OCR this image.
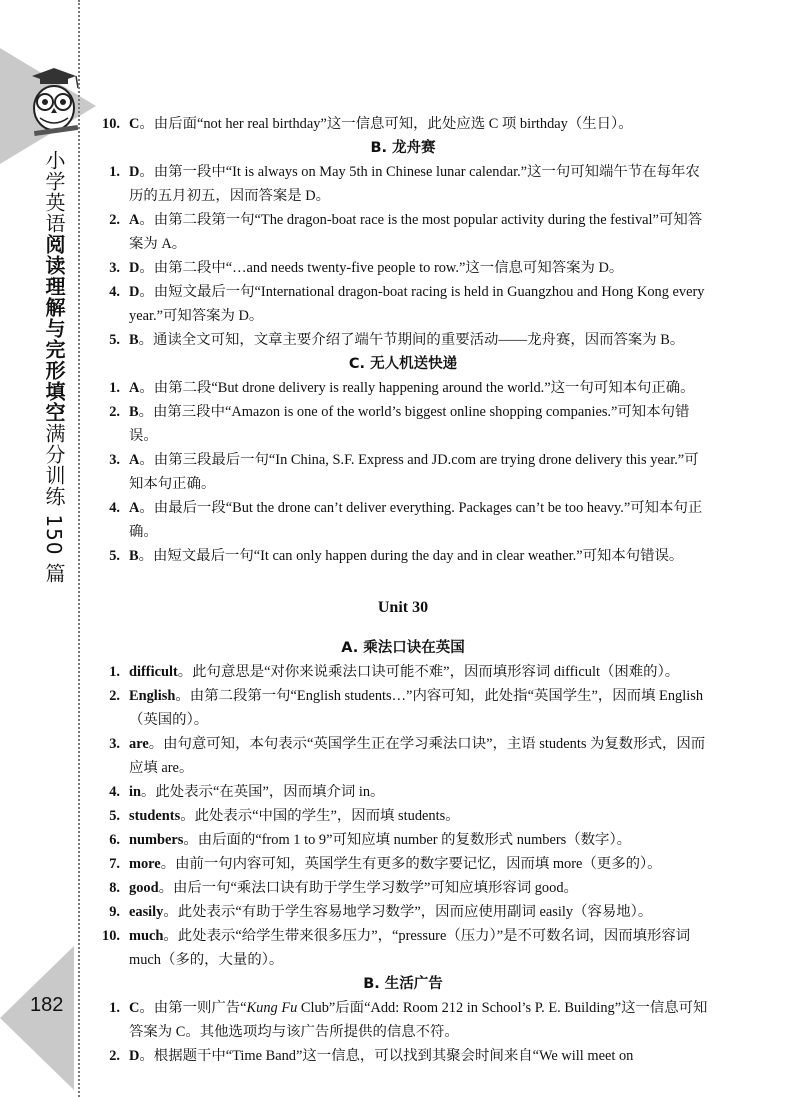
小学英语阅读理解与完形填空满分训练 150 篇
182

10. C。由后面“not her real birthday”这一信息可知，此处应选 C 项 birthday（生日）。

B. 龙舟赛

1. D。由第一段中“It is always on May 5th in Chinese lunar calendar.”这一句可知端午节在每年农历的五月初五，因而答案是 D。

2. A。由第二段第一句“The dragon-boat race is the most popular activity during the festival”可知答案为 A。

3. D。由第二段中“…and needs twenty-five people to row.”这一信息可知答案为 D。

4. D。由短文最后一句“International dragon-boat racing is held in Guangzhou and Hong Kong every year.”可知答案为 D。

5. B。通读全文可知，文章主要介绍了端午节期间的重要活动——龙舟赛，因而答案为 B。

C. 无人机送快递

1. A。由第二段“But drone delivery is really happening around the world.”这一句可知本句正确。

2. B。由第三段中“Amazon is one of the world’s biggest online shopping companies.”可知本句错误。

3. A。由第三段最后一句“In China, S.F. Express and JD.com are trying drone delivery this year.”可知本句正确。

4. A。由最后一段“But the drone can’t deliver everything. Packages can’t be too heavy.”可知本句正确。

5. B。由短文最后一句“It can only happen during the day and in clear weather.”可知本句错误。

Unit 30

A. 乘法口诀在英国

1. difficult。此句意思是“对你来说乘法口诀可能不难”，因而填形容词 difficult（困难的）。

2. English。由第二段第一句“English students…”内容可知，此处指“英国学生”，因而填 English（英国的）。

3. are。由句意可知，本句表示“英国学生正在学习乘法口诀”，主语 students 为复数形式，因而应填 are。

4. in。此处表示“在英国”，因而填介词 in。

5. students。此处表示“中国的学生”，因而填 students。

6. numbers。由后面的“from 1 to 9”可知应填 number 的复数形式 numbers（数字）。

7. more。由前一句内容可知，英国学生有更多的数字要记忆，因而填 more（更多的）。

8. good。由后一句“乘法口诀有助于学生学习数学”可知应填形容词 good。

9. easily。此处表示“有助于学生容易地学习数学”，因而应使用副词 easily（容易地）。

10. much。此处表示“给学生带来很多压力”，“pressure（压力）”是不可数名词，因而填形容词 much（多的，大量的）。

B. 生活广告

1. C。由第一则广告“Kung Fu Club”后面“Add: Room 212 in School’s P. E. Building”这一信息可知答案为 C。其他选项均与该广告所提供的信息不符。

2. D。根据题干中“Time Band”这一信息，可以找到其聚会时间来自“We will meet on
